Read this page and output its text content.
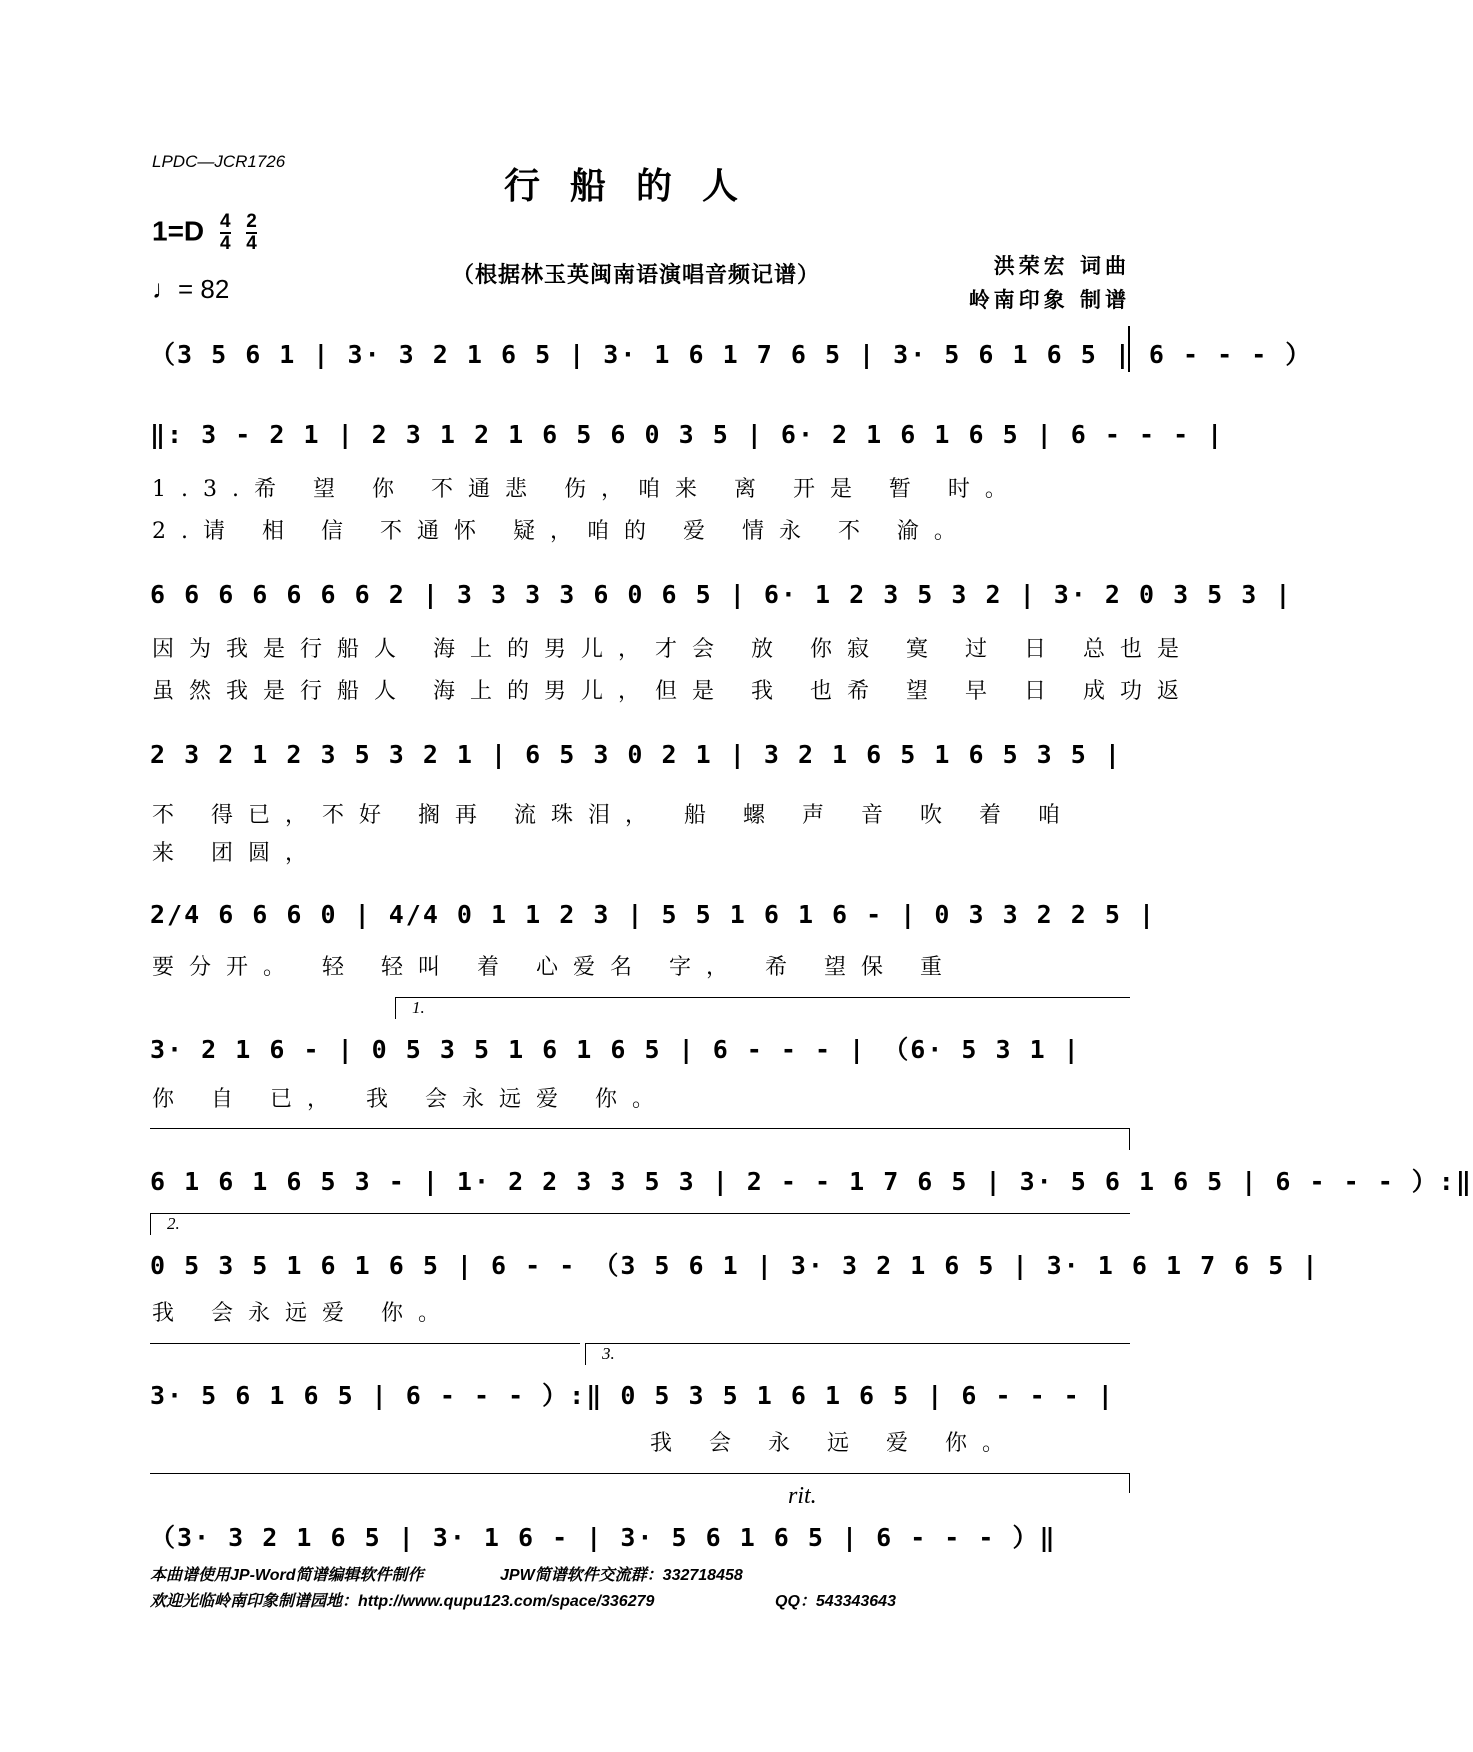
LPDC—JCR1726
行船的人
$1=D \frac{4}{4}$
$\frac{2}{4}$
♩= 82	（根据林玉英闽南语演唱音频记谱）	洪荣宏 词曲
岭南印象 制谱
（3 5 6 1 | 3· 3 2 1 6 5 | 3· 1 6 1 7 6 5 | 3· 5 6 1 6 5 | 6 - - - ）
‖: 3 - 2 1 | 2 3 1 2 1 6 5 6 0 3 5 | 6· 2 1 6 1 6 5 | 6 - - - |
1.3.希 望 你 不通悲 伤，咱来 离 开是 暂 时。
2.请 相 信 不通怀 疑，咱的 爱 情永 不 渝。
6 6 6 6 6 6 6 2 | 3 3 3 3 6 0 6 5 | 6· 1 2 3 5 3 2 | 3· 2 0 3 5 3 |
因为我是行船人 海上的男儿，才会 放 你寂 寞 过 日 总也是
虽然我是行船人 海上的男儿，但是 我 也希 望 早 日 成功返
2 3 2 1 2 3 5 3 2 1 | 6 5 3 0 2 1 | 3 2 1 6 5 1 6 5 3 5 |
不 得已，不好 搁再 流珠泪， 船 螺 声 音 吹 着 咱
来 团圆，
2/4 6 6 6 0 | 4/4 0 1 1 2 3 | 5 5 1 6 1 6 - | 0 3 3 2 2 5 |
要分开。 轻 轻叫 着 心爱名 字， 希 望保 重
1.
3· 2 1 6 - | 0 5 3 5 1 6 1 6 5 | 6 - - - | （6· 5 3 1 |
你 自 已， 我 会永远爱 你。
6 1 6 1 6 5 3 - | 1· 2 2 3 3 5 3 | 2 - - 1 7 6 5 | 3· 5 6 1 6 5 | 6 - - - ）:‖
2.
0 5 3 5 1 6 1 6 5 | 6 - - （3 5 6 1 | 3· 3 2 1 6 5 | 3· 1 6 1 7 6 5 |
我 会永远爱 你。
3.
3· 5 6 1 6 5 | 6 - - - ）:‖ 0 5 3 5 1 6 1 6 5 | 6 - - - |
我 会 永 远 爱 你。
rit.
（3· 3 2 1 6 5 | 3· 1 6 - | 3· 5 6 1 6 5 | 6 - - - ）‖
本曲谱使用JP-Word简谱编辑软件制作	JPW简谱软件交流群：332718458
欢迎光临岭南印象制谱园地：http://www.qupu123.com/space/336279	QQ：543343643
